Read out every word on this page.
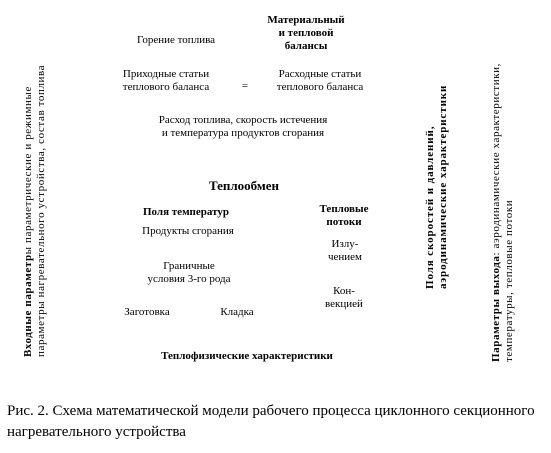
Входные параметры параметрические и режимные
параметры нагревательного устройства, состав топлива
Горение топлива
Материальный
и тепловой
балансы
Приходные статьи
теплового баланса	=
Расходные статьи
теплового баланса
Расход топлива, скорость истечения
и температура продуктов сгорания
Теплообмен
Поля температур	Тепловые
потоки
Продукты сгорания
Излу-
чением
Граничные
условия 3-го рода
Кон-
векцией
Заготовка	Кладка
Теплофизические характеристики
Поля скоростей и давлений,
аэродинамические характеристики
Параметры выхода: аэродинамические характеристики,
температуры, тепловые потоки
Рис. 2. Схема математической модели рабочего процесса циклонного секционного нагревательного устройства
